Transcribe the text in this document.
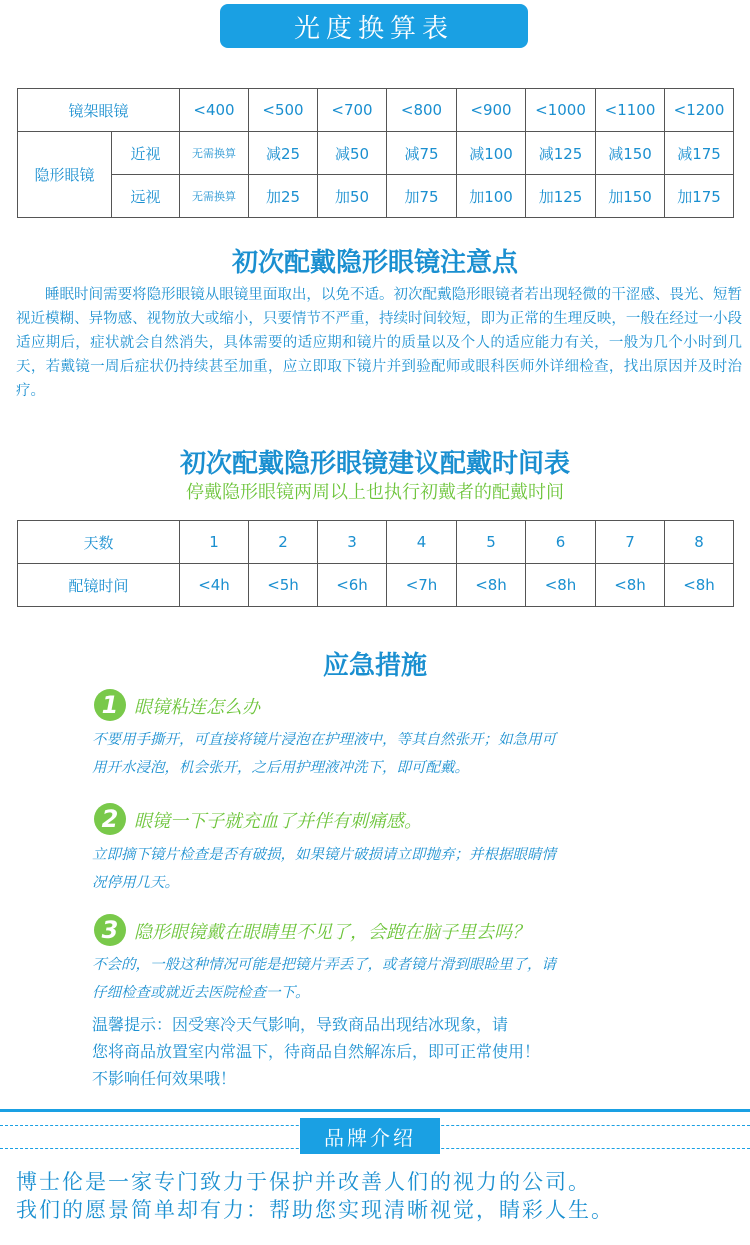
光度换算表
镜架眼镜		<400	<500	<700	<800	<900	<1000	<1100	<1200
隐形眼镜	近视	无需换算	减25	减50	减75	减100	减125	减150	减175
	远视	无需换算	加25	加50	加75	加100	加125	加150	加175
初次配戴隐形眼镜注意点
睡眠时间需要将隐形眼镜从眼镜里面取出，以免不适。初次配戴隐形眼镜者若出现轻微的干涩感、畏光、短暂视近模糊、异物感、视物放大或缩小，只要情节不严重，持续时间较短，即为正常的生理反映，一般在经过一小段适应期后，症状就会自然消失，具体需要的适应期和镜片的质量以及个人的适应能力有关，一般为几个小时到几天，若戴镜一周后症状仍持续甚至加重，应立即取下镜片并到验配师或眼科医师外详细检查，找出原因并及时治疗。
初次配戴隐形眼镜建议配戴时间表
停戴隐形眼镜两周以上也执行初戴者的配戴时间
天数	1	2	3	4	5	6	7	8
配镜时间	<4h	<5h	<6h	<7h	<8h	<8h	<8h	<8h
应急措施
1 眼镜粘连怎么办
不要用手撕开，可直接将镜片浸泡在护理液中，等其自然张开；如急用可
用开水浸泡，机会张开，之后用护理液冲洗下，即可配戴。
2 眼镜一下子就充血了并伴有刺痛感。
立即摘下镜片检查是否有破损，如果镜片破损请立即抛弃；并根据眼睛情
况停用几天。
3 隐形眼镜戴在眼睛里不见了，会跑在脑子里去吗？
不会的，一般这种情况可能是把镜片弄丢了，或者镜片滑到眼睑里了，请
仔细检查或就近去医院检查一下。
温馨提示：因受寒冷天气影响，导致商品出现结冰现象，请
您将商品放置室内常温下，待商品自然解冻后，即可正常使用！
不影响任何效果哦！
品牌介绍
博士伦是一家专门致力于保护并改善人们的视力的公司。
我们的愿景简单却有力：帮助您实现清晰视觉，睛彩人生。
